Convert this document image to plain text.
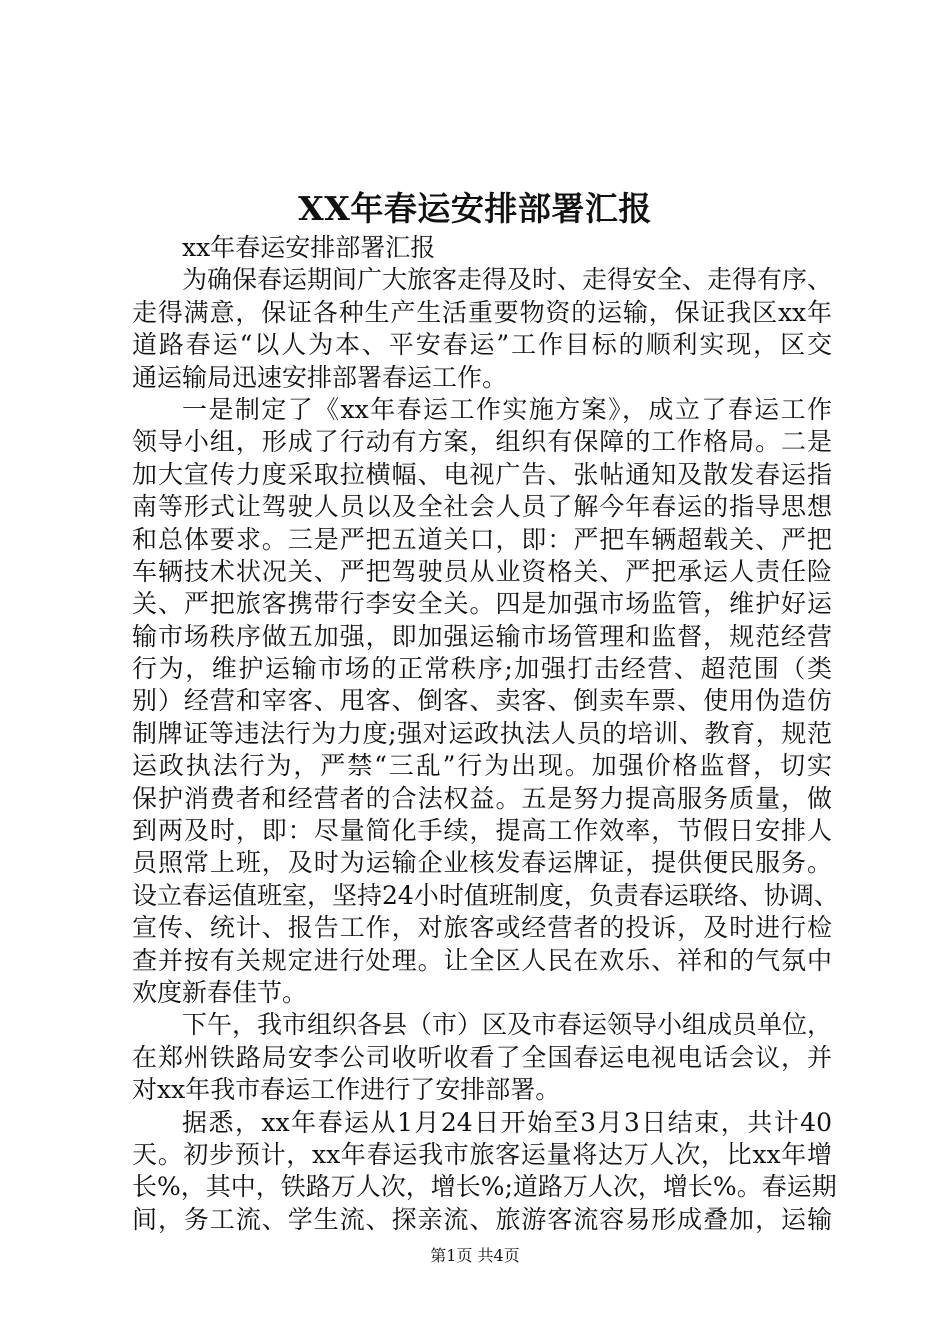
XX年春运安排部署汇报
xx年春运安排部署汇报
为确保春运期间广大旅客走得及时、走得安全、走得有序、
走得满意，保证各种生产生活重要物资的运输，保证我区xx年
道路春运“以人为本、平安春运”工作目标的顺利实现，区交
通运输局迅速安排部署春运工作。
一是制定了《xx年春运工作实施方案》，成立了春运工作
领导小组，形成了行动有方案，组织有保障的工作格局。二是
加大宣传力度采取拉横幅、电视广告、张帖通知及散发春运指
南等形式让驾驶人员以及全社会人员了解今年春运的指导思想
和总体要求。三是严把五道关口，即：严把车辆超载关、严把
车辆技术状况关、严把驾驶员从业资格关、严把承运人责任险
关、严把旅客携带行李安全关。四是加强市场监管，维护好运
输市场秩序做五加强，即加强运输市场管理和监督，规范经营
行为，维护运输市场的正常秩序;加强打击经营、超范围（类
别）经营和宰客、甩客、倒客、卖客、倒卖车票、使用伪造仿
制牌证等违法行为力度;强对运政执法人员的培训、教育，规范
运政执法行为，严禁“三乱”行为出现。加强价格监督，切实
保护消费者和经营者的合法权益。五是努力提高服务质量，做
到两及时，即：尽量简化手续，提高工作效率，节假日安排人
员照常上班，及时为运输企业核发春运牌证，提供便民服务。
设立春运值班室，坚持24小时值班制度，负责春运联络、协调、
宣传、统计、报告工作，对旅客或经营者的投诉，及时进行检
查并按有关规定进行处理。让全区人民在欢乐、祥和的气氛中
欢度新春佳节。
下午，我市组织各县（市）区及市春运领导小组成员单位，
在郑州铁路局安李公司收听收看了全国春运电视电话会议，并
对xx年我市春运工作进行了安排部署。
据悉，xx年春运从1月24日开始至3月3日结束，共计40
天。初步预计，xx年春运我市旅客运量将达万人次，比xx年增
长%，其中，铁路万人次，增长%;道路万人次，增长%。春运期
间，务工流、学生流、探亲流、旅游客流容易形成叠加，运输
第1页 共4页
